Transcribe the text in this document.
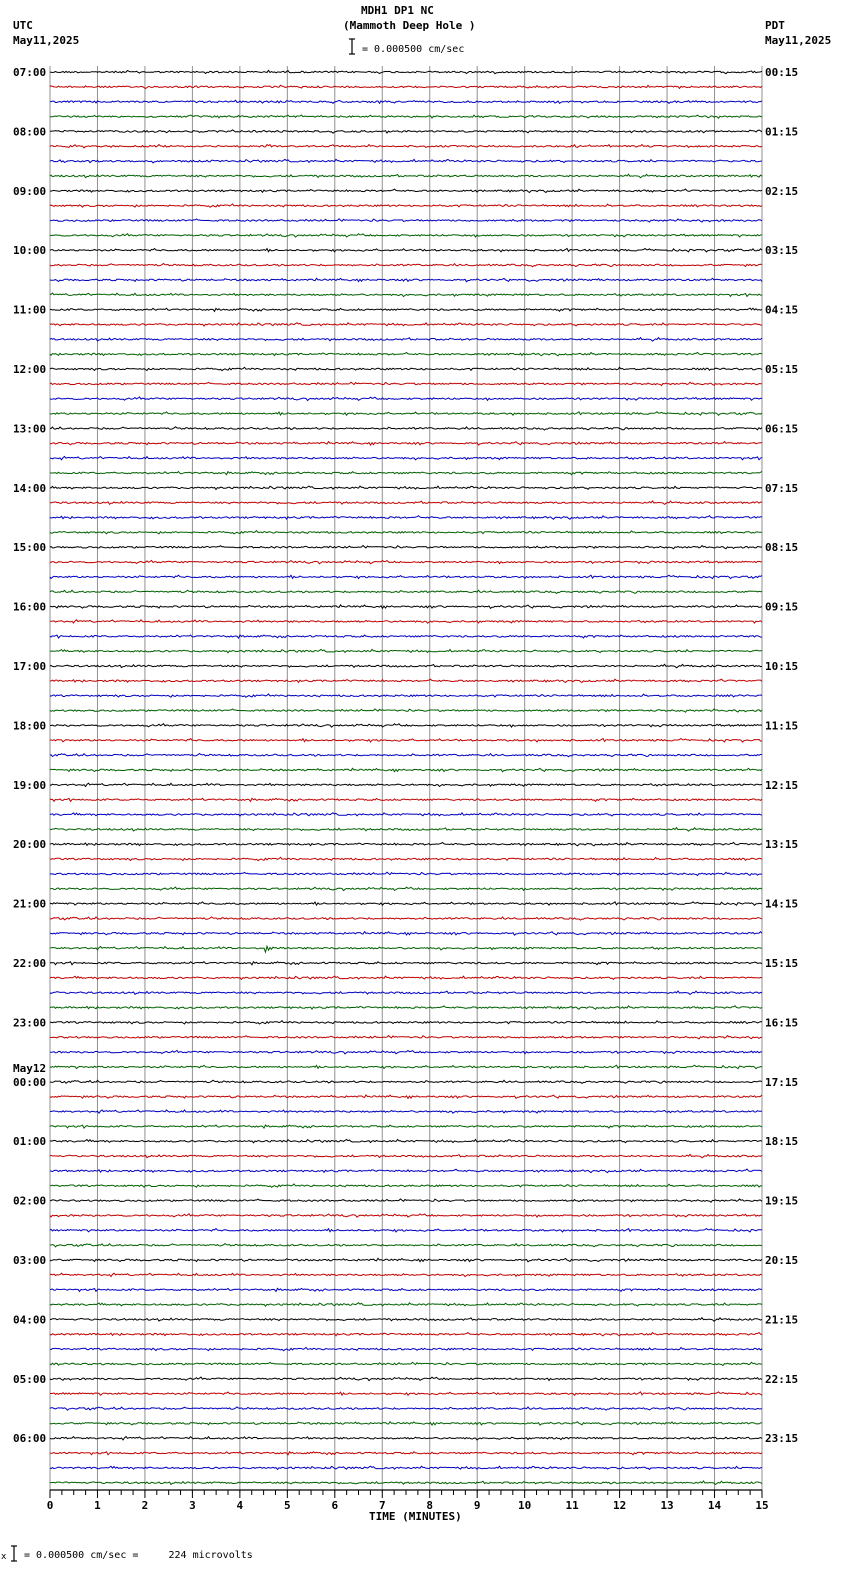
0	1	2	3	4	5	6	7	8	9	10	11	12	13	14	15
07:00
08:00
09:00
10:00
11:00
12:00
13:00
14:00
15:00
16:00
17:00
18:00
19:00
20:00
21:00
22:00
23:00
00:00
May12
01:00
02:00
03:00
04:00
05:00
06:00
00:15
01:15
02:15
03:15
04:15
05:15
06:15
07:15
08:15
09:15
10:15
11:15
12:15
13:15
14:15
15:15
16:15
17:15
18:15
19:15
20:15
21:15
22:15
23:15
MDH1 DP1 NC
(Mammoth Deep Hole )
UTC
May11,2025
PDT
May11,2025
= 0.000500 cm/sec
TIME (MINUTES)
x = 0.000500 cm/sec =     224 microvolts
